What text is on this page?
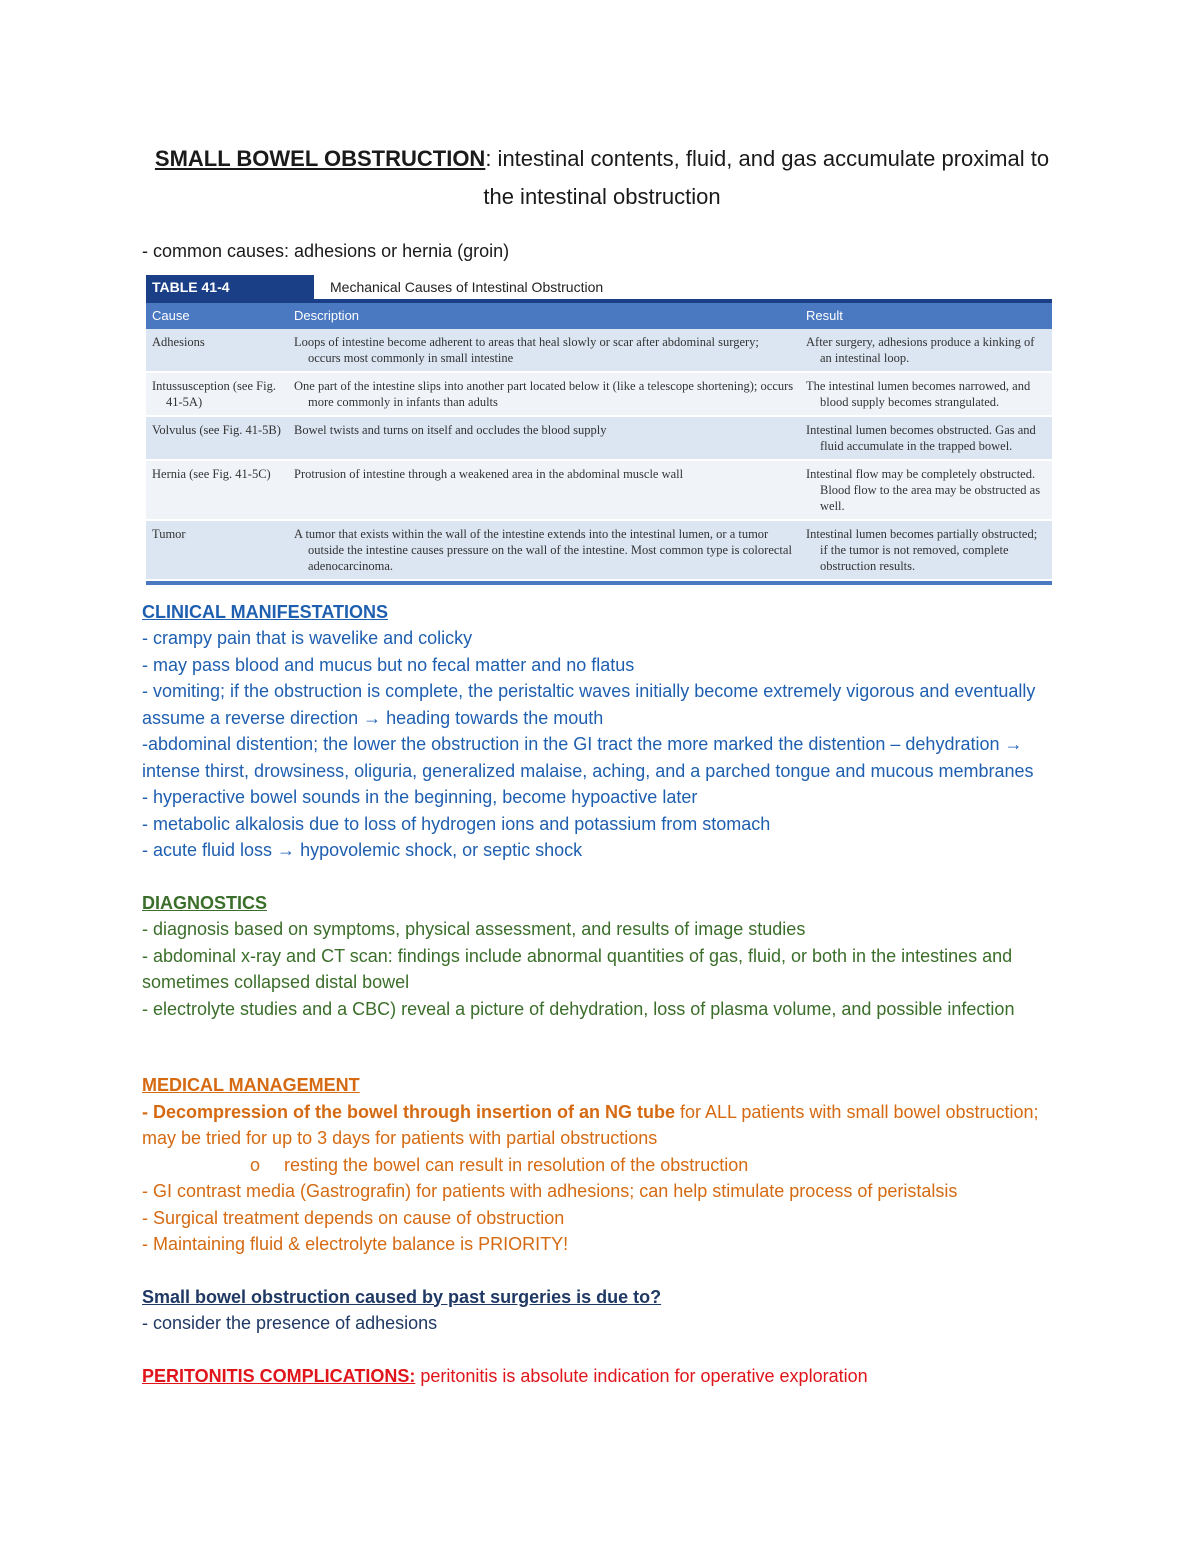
SMALL BOWEL OBSTRUCTION: intestinal contents, fluid, and gas accumulate proximal to the intestinal obstruction

- common causes: adhesions or hernia (groin)

TABLE 41-4	Mechanical Causes of Intestinal Obstruction
Cause	Description	Result

Adhesions	Loops of intestine become adherent to areas that heal slowly or scar after abdominal surgery; occurs most commonly in small intestine	After surgery, adhesions produce a kinking of an intestinal loop.

Intussusception (see Fig. 41-5A)	One part of the intestine slips into another part located below it (like a telescope shortening); occurs more commonly in infants than adults	The intestinal lumen becomes narrowed, and blood supply becomes strangulated.

Volvulus (see Fig. 41-5B)	Bowel twists and turns on itself and occludes the blood supply	Intestinal lumen becomes obstructed. Gas and fluid accumulate in the trapped bowel.

Hernia (see Fig. 41-5C)	Protrusion of intestine through a weakened area in the abdominal muscle wall	Intestinal flow may be completely obstructed. Blood flow to the area may be obstructed as well.

Tumor	A tumor that exists within the wall of the intestine extends into the intestinal lumen, or a tumor outside the intestine causes pressure on the wall of the intestine. Most common type is colorectal adenocarcinoma.	Intestinal lumen becomes partially obstructed; if the tumor is not removed, complete obstruction results.

CLINICAL MANIFESTATIONS

- crampy pain that is wavelike and colicky

- may pass blood and mucus but no fecal matter and no flatus

- vomiting; if the obstruction is complete, the peristaltic waves initially become extremely vigorous and eventually assume a reverse direction → heading towards the mouth

-abdominal distention; the lower the obstruction in the GI tract the more marked the distention – dehydration → intense thirst, drowsiness, oliguria, generalized malaise, aching, and a parched tongue and mucous membranes

- hyperactive bowel sounds in the beginning, become hypoactive later

- metabolic alkalosis due to loss of hydrogen ions and potassium from stomach

- acute fluid loss → hypovolemic shock, or septic shock

DIAGNOSTICS

- diagnosis based on symptoms, physical assessment, and results of image studies

- abdominal x-ray and CT scan: findings include abnormal quantities of gas, fluid, or both in the intestines and sometimes collapsed distal bowel

- electrolyte studies and a CBC) reveal a picture of dehydration, loss of plasma volume, and possible infection

MEDICAL MANAGEMENT

- Decompression of the bowel through insertion of an NG tube for ALL patients with small bowel obstruction; may be tried for up to 3 days for patients with partial obstructions

o resting the bowel can result in resolution of the obstruction

- GI contrast media (Gastrografin) for patients with adhesions; can help stimulate process of peristalsis

- Surgical treatment depends on cause of obstruction

- Maintaining fluid & electrolyte balance is PRIORITY!

Small bowel obstruction caused by past surgeries is due to?

- consider the presence of adhesions

PERITONITIS COMPLICATIONS: peritonitis is absolute indication for operative exploration
